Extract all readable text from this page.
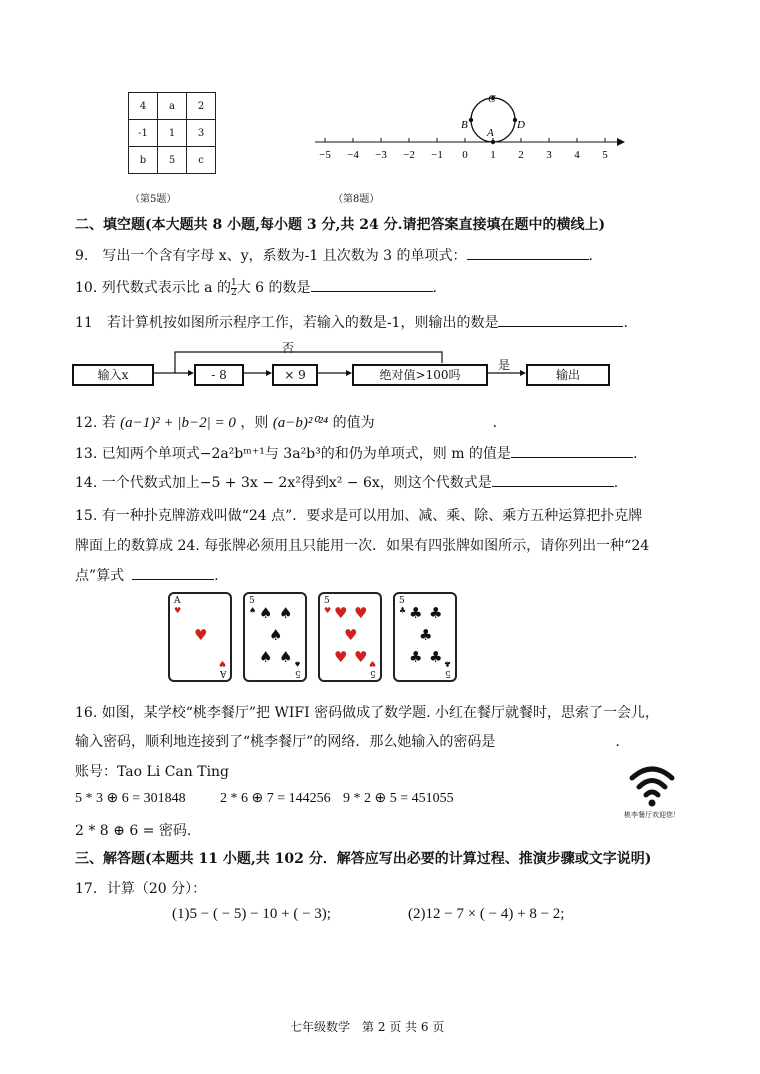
4	a	2
-1	1	3
b	5	c
（第5题）
−5 −4 −3 −2 −1 0 1 2 3 4 5
C
B
A
D
（第8题）
二、填空题(本大题共 8 小题,每小题 3 分,共 24 分.请把答案直接填在题中的横线上)
9.　写出一个含有字母 x、y，系数为-1 且次数为 3 的单项式：	.
10. 列代数式表示比 a 的$\frac{1}{2}$大 6 的数是	.
11　若计算机按如图所示程序工作，若输入的数是-1，则输出的数是	.
输入x	- 8	× 9	绝对值>100吗	输出
否
是
12. 若 (a−1)² + |b−2| = 0 ，则 (a−b)²⁰²⁴ 的值为	.
13. 已知两个单项式−2a²bᵐ⁺¹与 3a²b³的和仍为单项式，则 m 的值是	.
14. 一个代数式加上−5 + 3x − 2x²得到x² − 6x，则这个代数式是	.
15. 有一种扑克牌游戏叫做“24 点”．要求是可以用加、减、乘、除、乘方五种运算把扑克牌
牌面上的数算成 24. 每张牌必须用且只能用一次．如果有四张牌如图所示，请你列出一种“24
点”算式	.
A
♥
♥
♥
A
5
♠ ♠ ♠
♠
♠ ♠ ♠
5
5
♥ ♥ ♥
♥
♥ ♥ ♥
5
5
♣ ♣ ♣
♣
♣ ♣ ♣
5
16. 如图，某学校“桃李餐厅”把 WIFI 密码做成了数学题. 小红在餐厅就餐时，思索了一会儿，
输入密码，顺利地连接到了“桃李餐厅”的网络．那么她输入的密码是	.
账号：Tao Li Can Ting
5 * 3 ⊕ 6 = 301848 2 * 6 ⊕ 7 = 144256 9 * 2 ⊕ 5 = 451055
2 * 8 ⊕ 6 = 密码.
桃李餐厅欢迎您！
三、解答题(本题共 11 小题,共 102 分．解答应写出必要的计算过程、推演步骤或文字说明)
17．计算（20 分）：
(1)5 − ( − 5) − 10 + ( − 3);	(2)12 − 7 × ( − 4) + 8 − 2;
七年级数学　第 2 页 共 6 页
